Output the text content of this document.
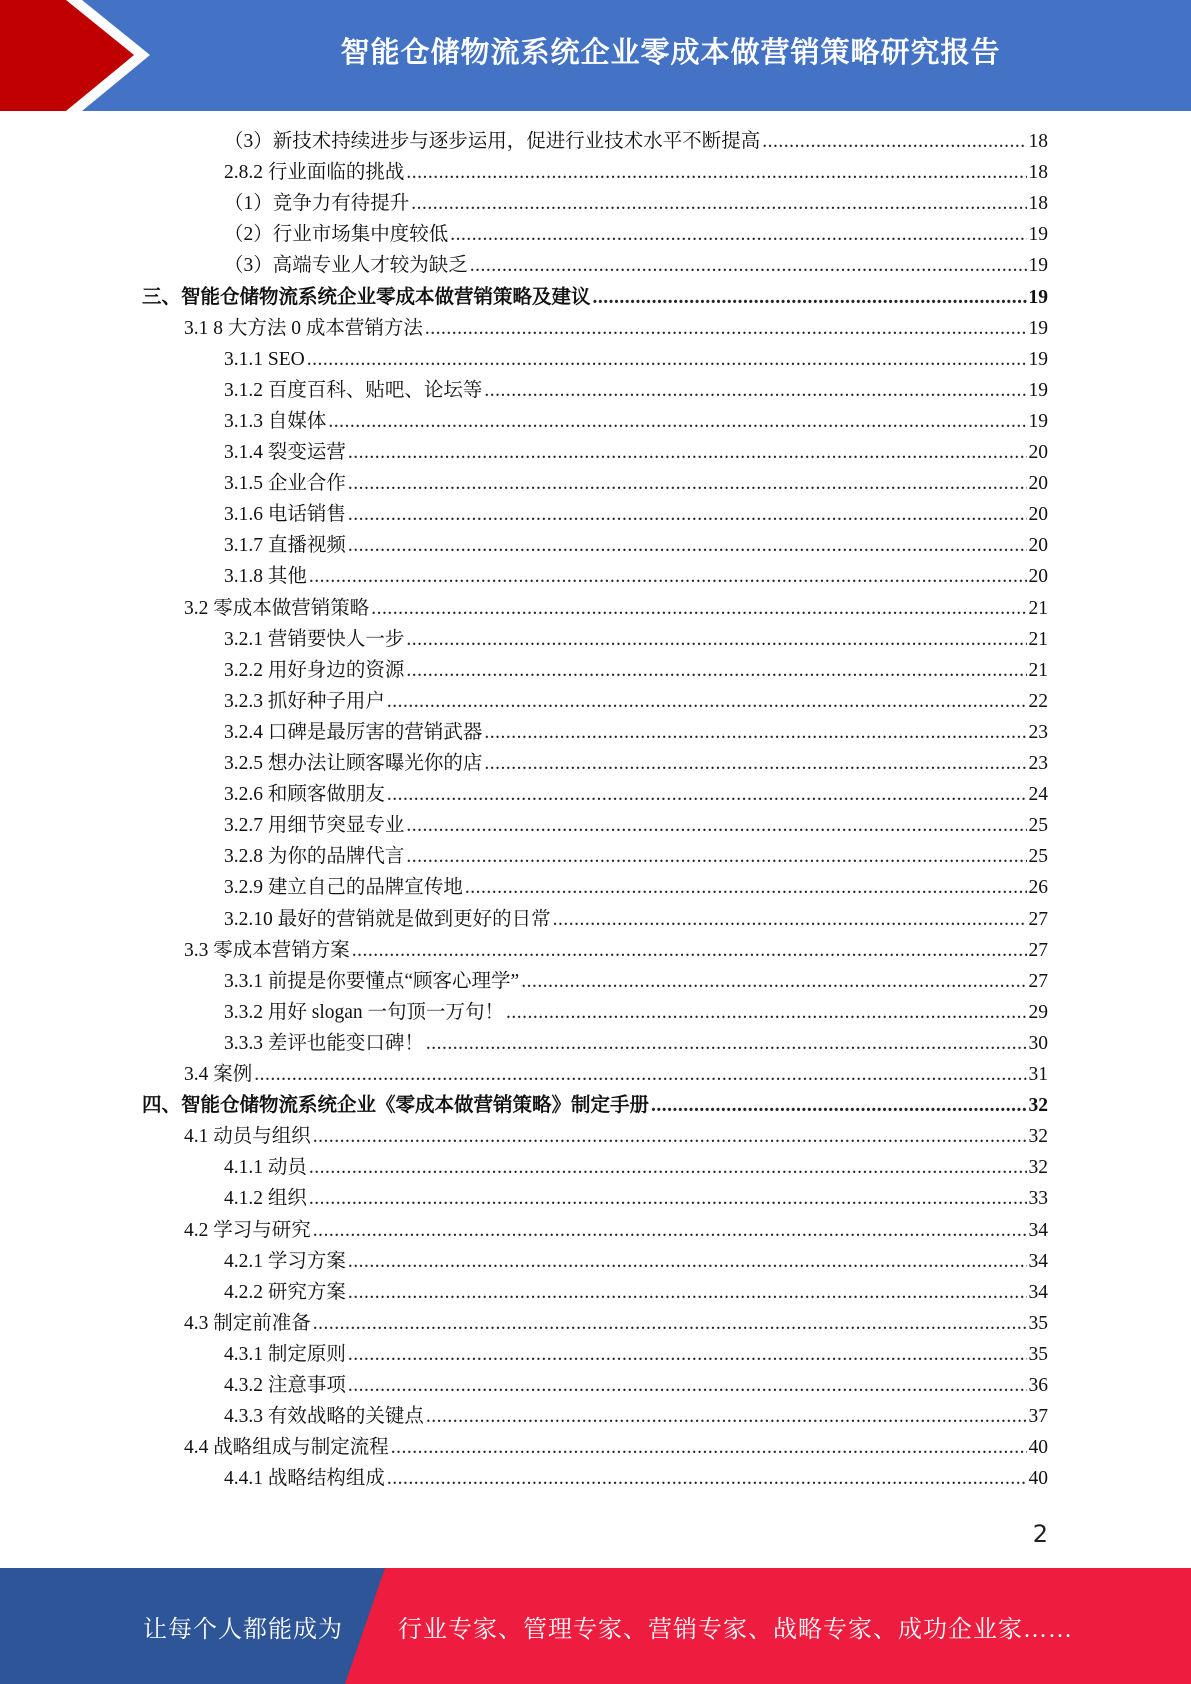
智能仓储物流系统企业零成本做营销策略研究报告
（3）新技术持续进步与逐步运用，促进行业技术水平不断提高 .....	18
2.8.2 行业面临的挑战 .....	18
（1）竞争力有待提升 .....	18
（2）行业市场集中度较低 .....	19
（3）高端专业人才较为缺乏 .....	19
三、智能仓储物流系统企业零成本做营销策略及建议 .....	19
3.1 8 大方法 0 成本营销方法 .....	19
3.1.1 SEO .....	19
3.1.2 百度百科、贴吧、论坛等 .....	19
3.1.3 自媒体 .....	19
3.1.4 裂变运营 .....	20
3.1.5 企业合作 .....	20
3.1.6 电话销售 .....	20
3.1.7 直播视频 .....	20
3.1.8 其他 .....	20
3.2 零成本做营销策略 .....	21
3.2.1 营销要快人一步 .....	21
3.2.2 用好身边的资源 .....	21
3.2.3 抓好种子用户 .....	22
3.2.4 口碑是最厉害的营销武器 .....	23
3.2.5 想办法让顾客曝光你的店 .....	23
3.2.6 和顾客做朋友 .....	24
3.2.7 用细节突显专业 .....	25
3.2.8 为你的品牌代言 .....	25
3.2.9 建立自己的品牌宣传地 .....	26
3.2.10 最好的营销就是做到更好的日常 .....	27
3.3 零成本营销方案 .....	27
3.3.1 前提是你要懂点“顾客心理学” .....	27
3.3.2 用好 slogan 一句顶一万句！ .....	29
3.3.3 差评也能变口碑！ .....	30
3.4 案例 .....	31
四、智能仓储物流系统企业《零成本做营销策略》制定手册 .....	32
4.1 动员与组织 .....	32
4.1.1 动员 .....	32
4.1.2 组织 .....	33
4.2 学习与研究 .....	34
4.2.1 学习方案 .....	34
4.2.2 研究方案 .....	34
4.3 制定前准备 .....	35
4.3.1 制定原则 .....	35
4.3.2 注意事项 .....	36
4.3.3 有效战略的关键点 .....	37
4.4 战略组成与制定流程 .....	40
4.4.1 战略结构组成 .....	40
2
让每个人都能成为 行业专家、管理专家、营销专家、战略专家、成功企业家……
